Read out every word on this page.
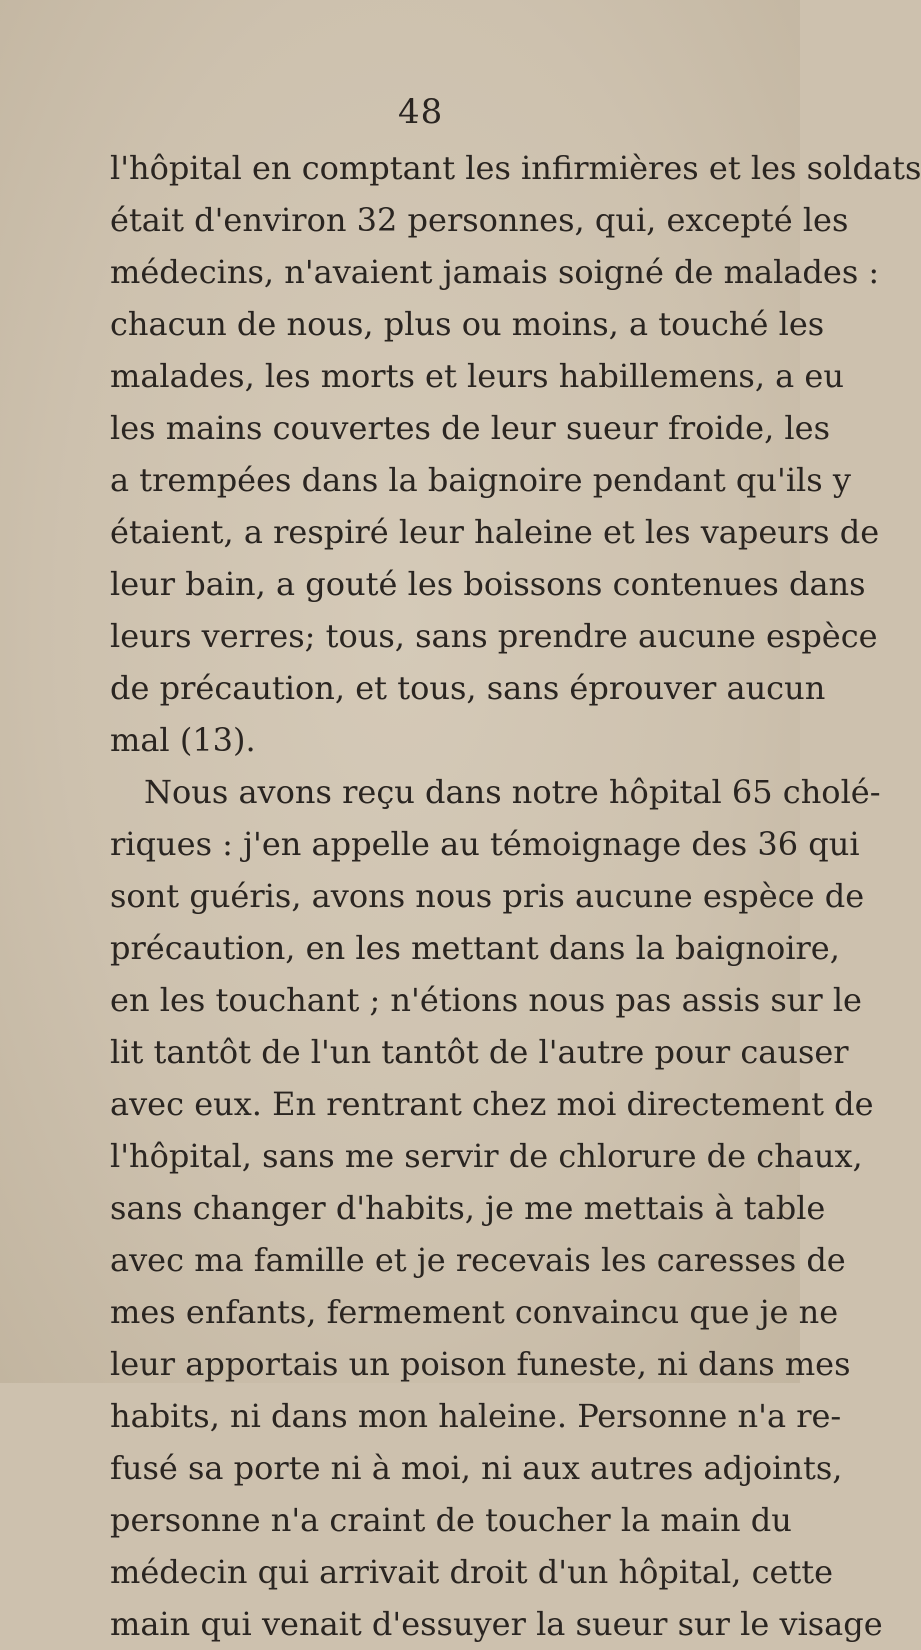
48
l'hôpital en comptant les infirmières et les soldats
était d'environ 32 personnes, qui, excepté les
médecins, n'avaient jamais soigné de malades :
chacun de nous, plus ou moins, a touché les
malades, les morts et leurs habillemens, a eu
les mains couvertes de leur sueur froide, les
a trempées dans la baignoire pendant qu'ils y
étaient, a respiré leur haleine et les vapeurs de
leur bain, a gouté les boissons contenues dans
leurs verres; tous, sans prendre aucune espèce
de précaution, et tous, sans éprouver aucun
mal (13).
Nous avons reçu dans notre hôpital 65 cholé-
riques : j'en appelle au témoignage des 36 qui
sont guéris, avons nous pris aucune espèce de
précaution, en les mettant dans la baignoire,
en les touchant ; n'étions nous pas assis sur le
lit tantôt de l'un tantôt de l'autre pour causer
avec eux. En rentrant chez moi directement de
l'hôpital, sans me servir de chlorure de chaux,
sans changer d'habits, je me mettais à table
avec ma famille et je recevais les caresses de
mes enfants, fermement convaincu que je ne
leur apportais un poison funeste, ni dans mes
habits, ni dans mon haleine. Personne n'a re-
fusé sa porte ni à moi, ni aux autres adjoints,
personne n'a craint de toucher la main du
médecin qui arrivait droit d'un hôpital, cette
main qui venait d'essuyer la sueur sur le visage
